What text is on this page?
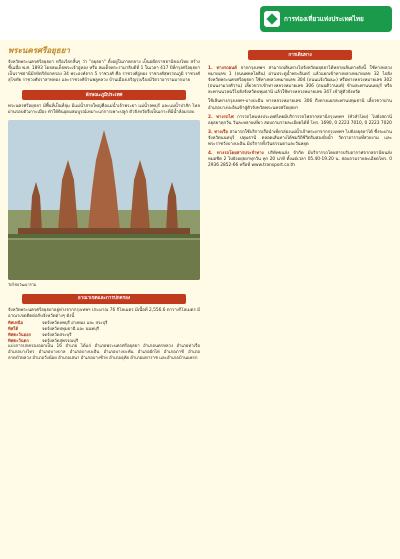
การท่องเที่ยวแห่งประเทศไทย
พระนครศรีอยุธยา

จังหวัดพระนครศรีอยุธยา หรือเรียกสั้นๆ ว่า "อยุธยา" ตั้งอยู่ในภาคกลาง เป็นอดีตราชธานีของไทย สร้างขึ้นเมื่อ พ.ศ. 1893 โดยสมเด็จพระเจ้าอู่ทอง หรือ สมเด็จพระรามาธิบดีที่ 1 ในเวลา 417 ปีที่กรุงศรีอยุธยาเป็นราชธานีมีกษัตริย์ปกครอง 34 พระองค์จาก 5 ราชวงศ์ คือ ราชวงศ์อู่ทอง ราชวงศ์สุพรรณภูมิ ราชวงศ์สุโขทัย ราชวงศ์ปราสาททอง และราชวงศ์บ้านพลูหลวง บ้านเมืองเจริญรุ่งเรืองมีวัดวาอารามมากมาย

ลักษณะภูมิประเทศ

พระนครศรีอยุธยา มีพื้นที่เป็นที่ลุ่ม มีแม่น้ำสายใหญ่คือแม่น้ำเจ้าพระยา แม่น้ำลพบุรี และแม่น้ำป่าสัก ไหลผ่านรอบตัวเกาะเมือง ทำให้ดินอุดมสมบูรณ์เหมาะแก่การเพาะปลูก ตัวจังหวัดจึงเป็นเกาะที่มีน้ำล้อมรอบ

วัดไชยวัฒนาราม
อาณาเขตและการปกครอง

จังหวัดพระนครศรีอยุธยาอยู่ห่างจากกรุงเทพฯ ประมาณ 76 กิโลเมตร มีเนื้อที่ 2,556.6 ตารางกิโลเมตร มีอาณาเขตติดต่อกับจังหวัดต่างๆ ดังนี้

ทิศเหนือ	จดจังหวัดลพบุรี อ่างทอง และ สระบุรี
ทิศใต้	จดจังหวัดปทุมธานี และ นนทบุรี
ทิศตะวันออก	จดจังหวัดสระบุรี
ทิศตะวันตก	จดจังหวัดสุพรรณบุรี

แบ่งการปกครองออกเป็น 16 อำเภอ ได้แก่ อำเภอพระนครศรีอยุธยา อำเภอนครหลวง อำเภอท่าเรือ อำเภอบางไทร อำเภอบางบาล อำเภอบางปะอิน อำเภอบางปะหัน อำเภอผักไห่ อำเภอภาชี อำเภอลาดบัวหลวง อำเภอวังน้อย อำเภอเสนา อำเภอบางซ้าย อำเภออุทัย อำเภอมหาราช และอำเภอบ้านแพรก

การเดินทาง

1. ทางรถยนต์ จากกรุงเทพฯ สามารถเดินทางไปจังหวัดอยุธยาได้หลายเส้นทางดังนี้ ใช้ทางหลวงหมายเลข 1 (ถนนพหลโยธิน) ผ่านประตูน้ำพระอินทร์ แล้วแยกเข้าทางหลวงหมายเลข 32 ไปยังจังหวัดพระนครศรีอยุธยา ใช้ทางหลวงหมายเลข 304 (ถนนแจ้งวัฒนะ) หรือทางหลวงหมายเลข 302 (ถนนงามวงศ์วาน) เลี้ยวขวาเข้าทางหลวงหมายเลข 306 (ถนนติวานนท์) ข้ามสะพานนนทบุรี หรือสะพานนวลฉวีไปยังจังหวัดปทุมธานี แล้วใช้ทางหลวงหมายเลข 347 เข้าสู่ตัวจังหวัด

ใช้เส้นทางกรุงเทพฯ-บางปะอิน ทางหลวงหมายเลข 306 ถึงทางแยกสะพานปทุมธานี เลี้ยวขวาผ่านอำเภอบางปะอินเข้าสู่ตัวจังหวัดพระนครศรีอยุธยา

2. ทางรถไฟ การรถไฟแห่งประเทศไทยมีบริการรถไฟจากสถานีกรุงเทพฯ (หัวลำโพง) ไปยังสถานีอยุธยาทุกวัน วันละหลายเที่ยว สอบถามรายละเอียดได้ที่ โทร. 1690, 0 2223 7010, 0 2223 7020

3. ทางเรือ สามารถใช้บริการเรือนำเที่ยวล่องแม่น้ำเจ้าพระยาจากกรุงเทพฯ ไปยังอยุธยาได้ ซึ่งจะผ่านจังหวัดนนทบุรี ปทุมธานี ตลอดเส้นทางได้ชมวิถีชีวิตริมสองฝั่งน้ำ วัดวาอารามที่สวยงาม และพระราชวังบางปะอิน มีบริการทั้งวันธรรมดาและวันหยุด

4. ทางรถโดยสารประจำทาง บริษัทขนส่ง จำกัด มีบริการรถโดยสารปรับอากาศจากสถานีขนส่งหมอชิต 2 ไปยังอยุธยาทุกวัน ทุก 20 นาที ตั้งแต่เวลา 05.40-19.20 น. สอบถามรายละเอียดโทร. 0 2936 2852-66 หรือที่ www.transport.co.th
